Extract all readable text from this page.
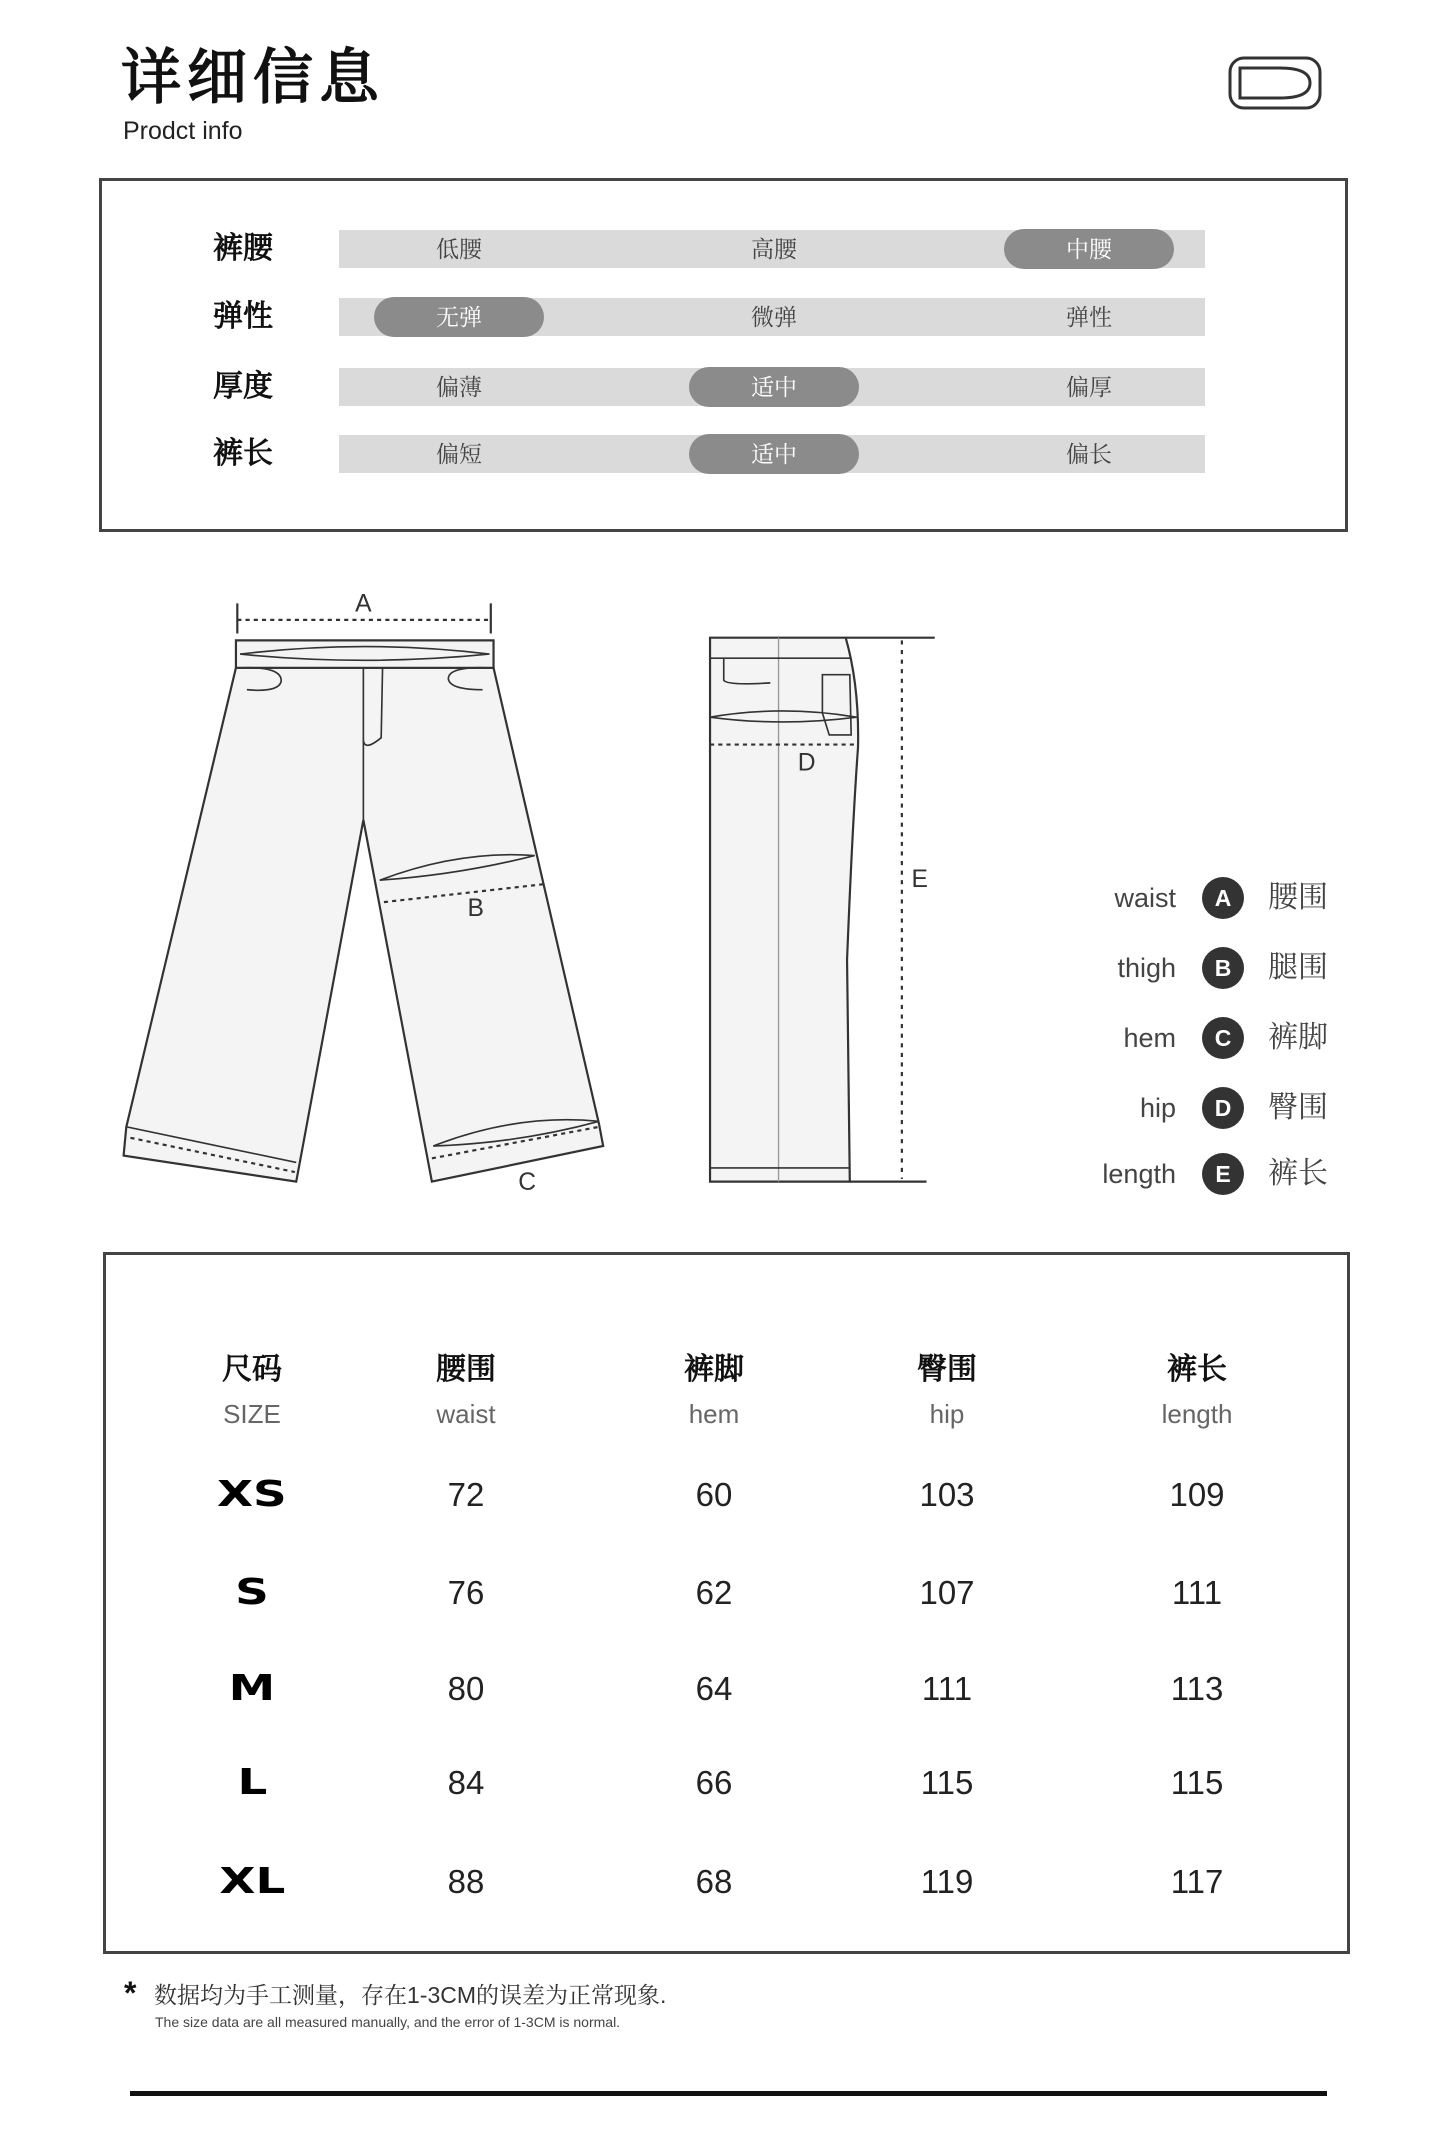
详细信息
Prodct info
裤腰	低腰	高腰	中腰
弹性	无弹	微弹	弹性
厚度	偏薄	适中	偏厚
裤长	偏短	适中	偏长
A
B
C
D
E
waist	A	腰围
thigh	B	腿围
hem	C	裤脚
hip	D	臀围
length	E	裤长
尺码	腰围	裤脚	臀围	裤长
SIZE	waist	hem	hip	length
XS	72	60	103	109
S	76	62	107	111
M	80	64	111	113
L	84	66	115	115
XL	88	68	119	117
* 数据均为手工测量，存在1-3CM的误差为正常现象.
The size data are all measured manually, and the error of 1-3CM is normal.
